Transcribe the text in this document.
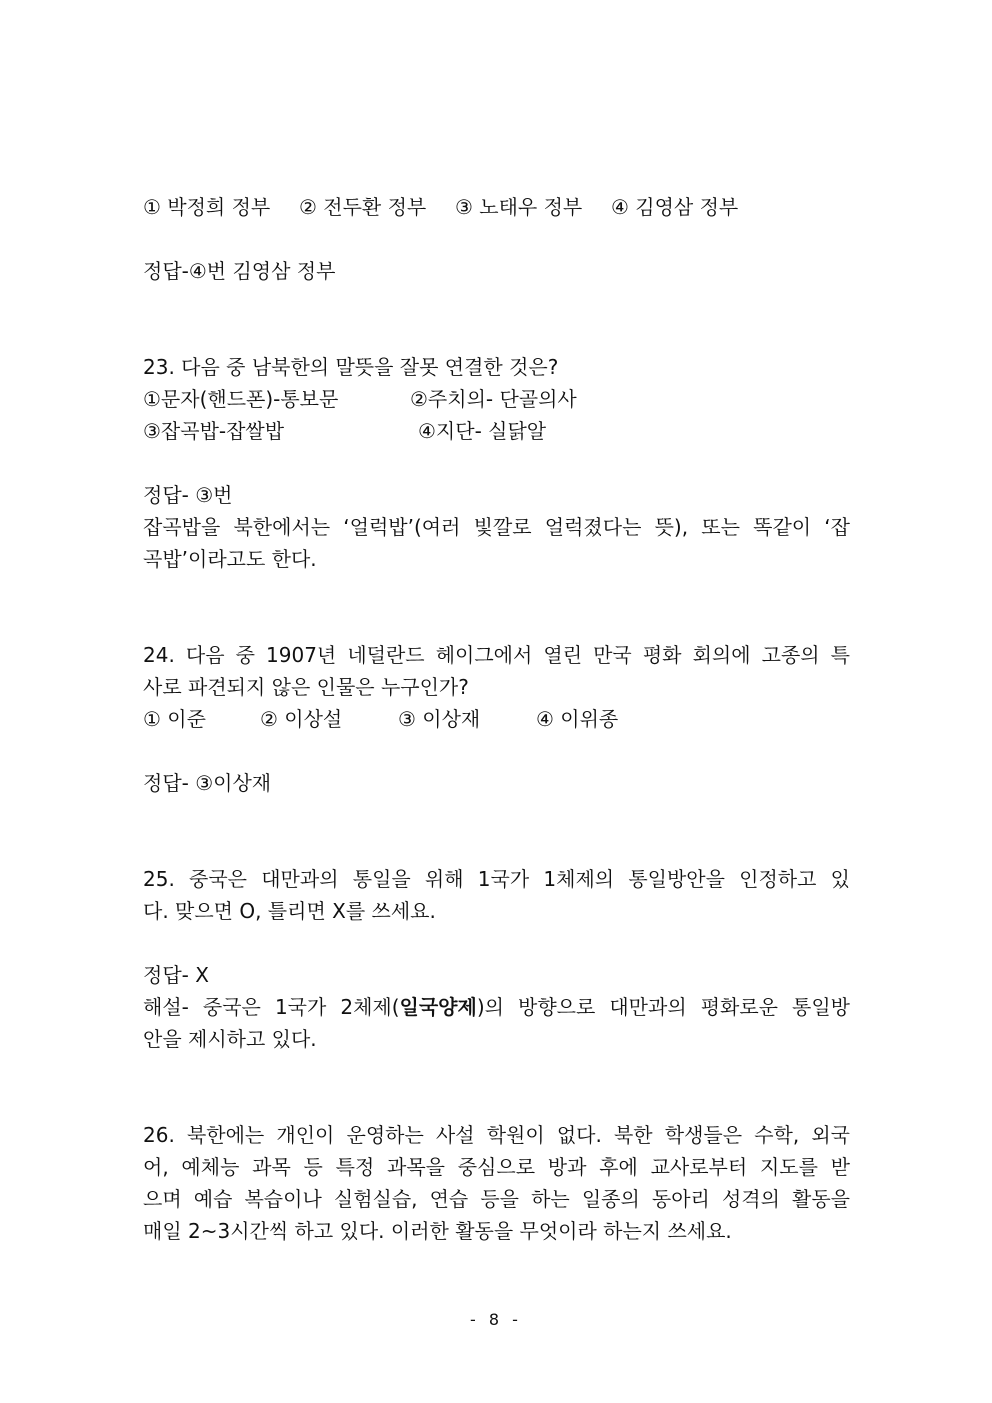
① 박정희 정부 ② 전두환 정부 ③ 노태우 정부 ④ 김영삼 정부
정답-④번 김영삼 정부
23. 다음 중 남북한의 말뜻을 잘못 연결한 것은?
①문자(핸드폰)-통보문	②주치의- 단골의사
③잡곡밥-잡쌀밥	④지단- 실닭알
정답- ③번
잡곡밥을 북한에서는 ‘얼럭밥’(여러 빛깔로 얼럭졌다는 뜻), 또는 똑같이 ‘잡
곡밥’이라고도 한다.
24. 다음 중 1907년 네덜란드 헤이그에서 열린 만국 평화 회의에 고종의 특
사로 파견되지 않은 인물은 누구인가?
① 이준	② 이상설	③ 이상재	④ 이위종
정답- ③이상재
25. 중국은 대만과의 통일을 위해 1국가 1체제의 통일방안을 인정하고 있
다. 맞으면 O, 틀리면 X를 쓰세요.
정답- X
해설- 중국은 1국가 2체제(일국양제)의 방향으로 대만과의 평화로운 통일방
안을 제시하고 있다.
26. 북한에는 개인이 운영하는 사설 학원이 없다. 북한 학생들은 수학, 외국
어, 예체능 과목 등 특정 과목을 중심으로 방과 후에 교사로부터 지도를 받
으며 예습 복습이나 실험실습, 연습 등을 하는 일종의 동아리 성격의 활동을
매일 2~3시간씩 하고 있다. 이러한 활동을 무엇이라 하는지 쓰세요.
- 8 -
